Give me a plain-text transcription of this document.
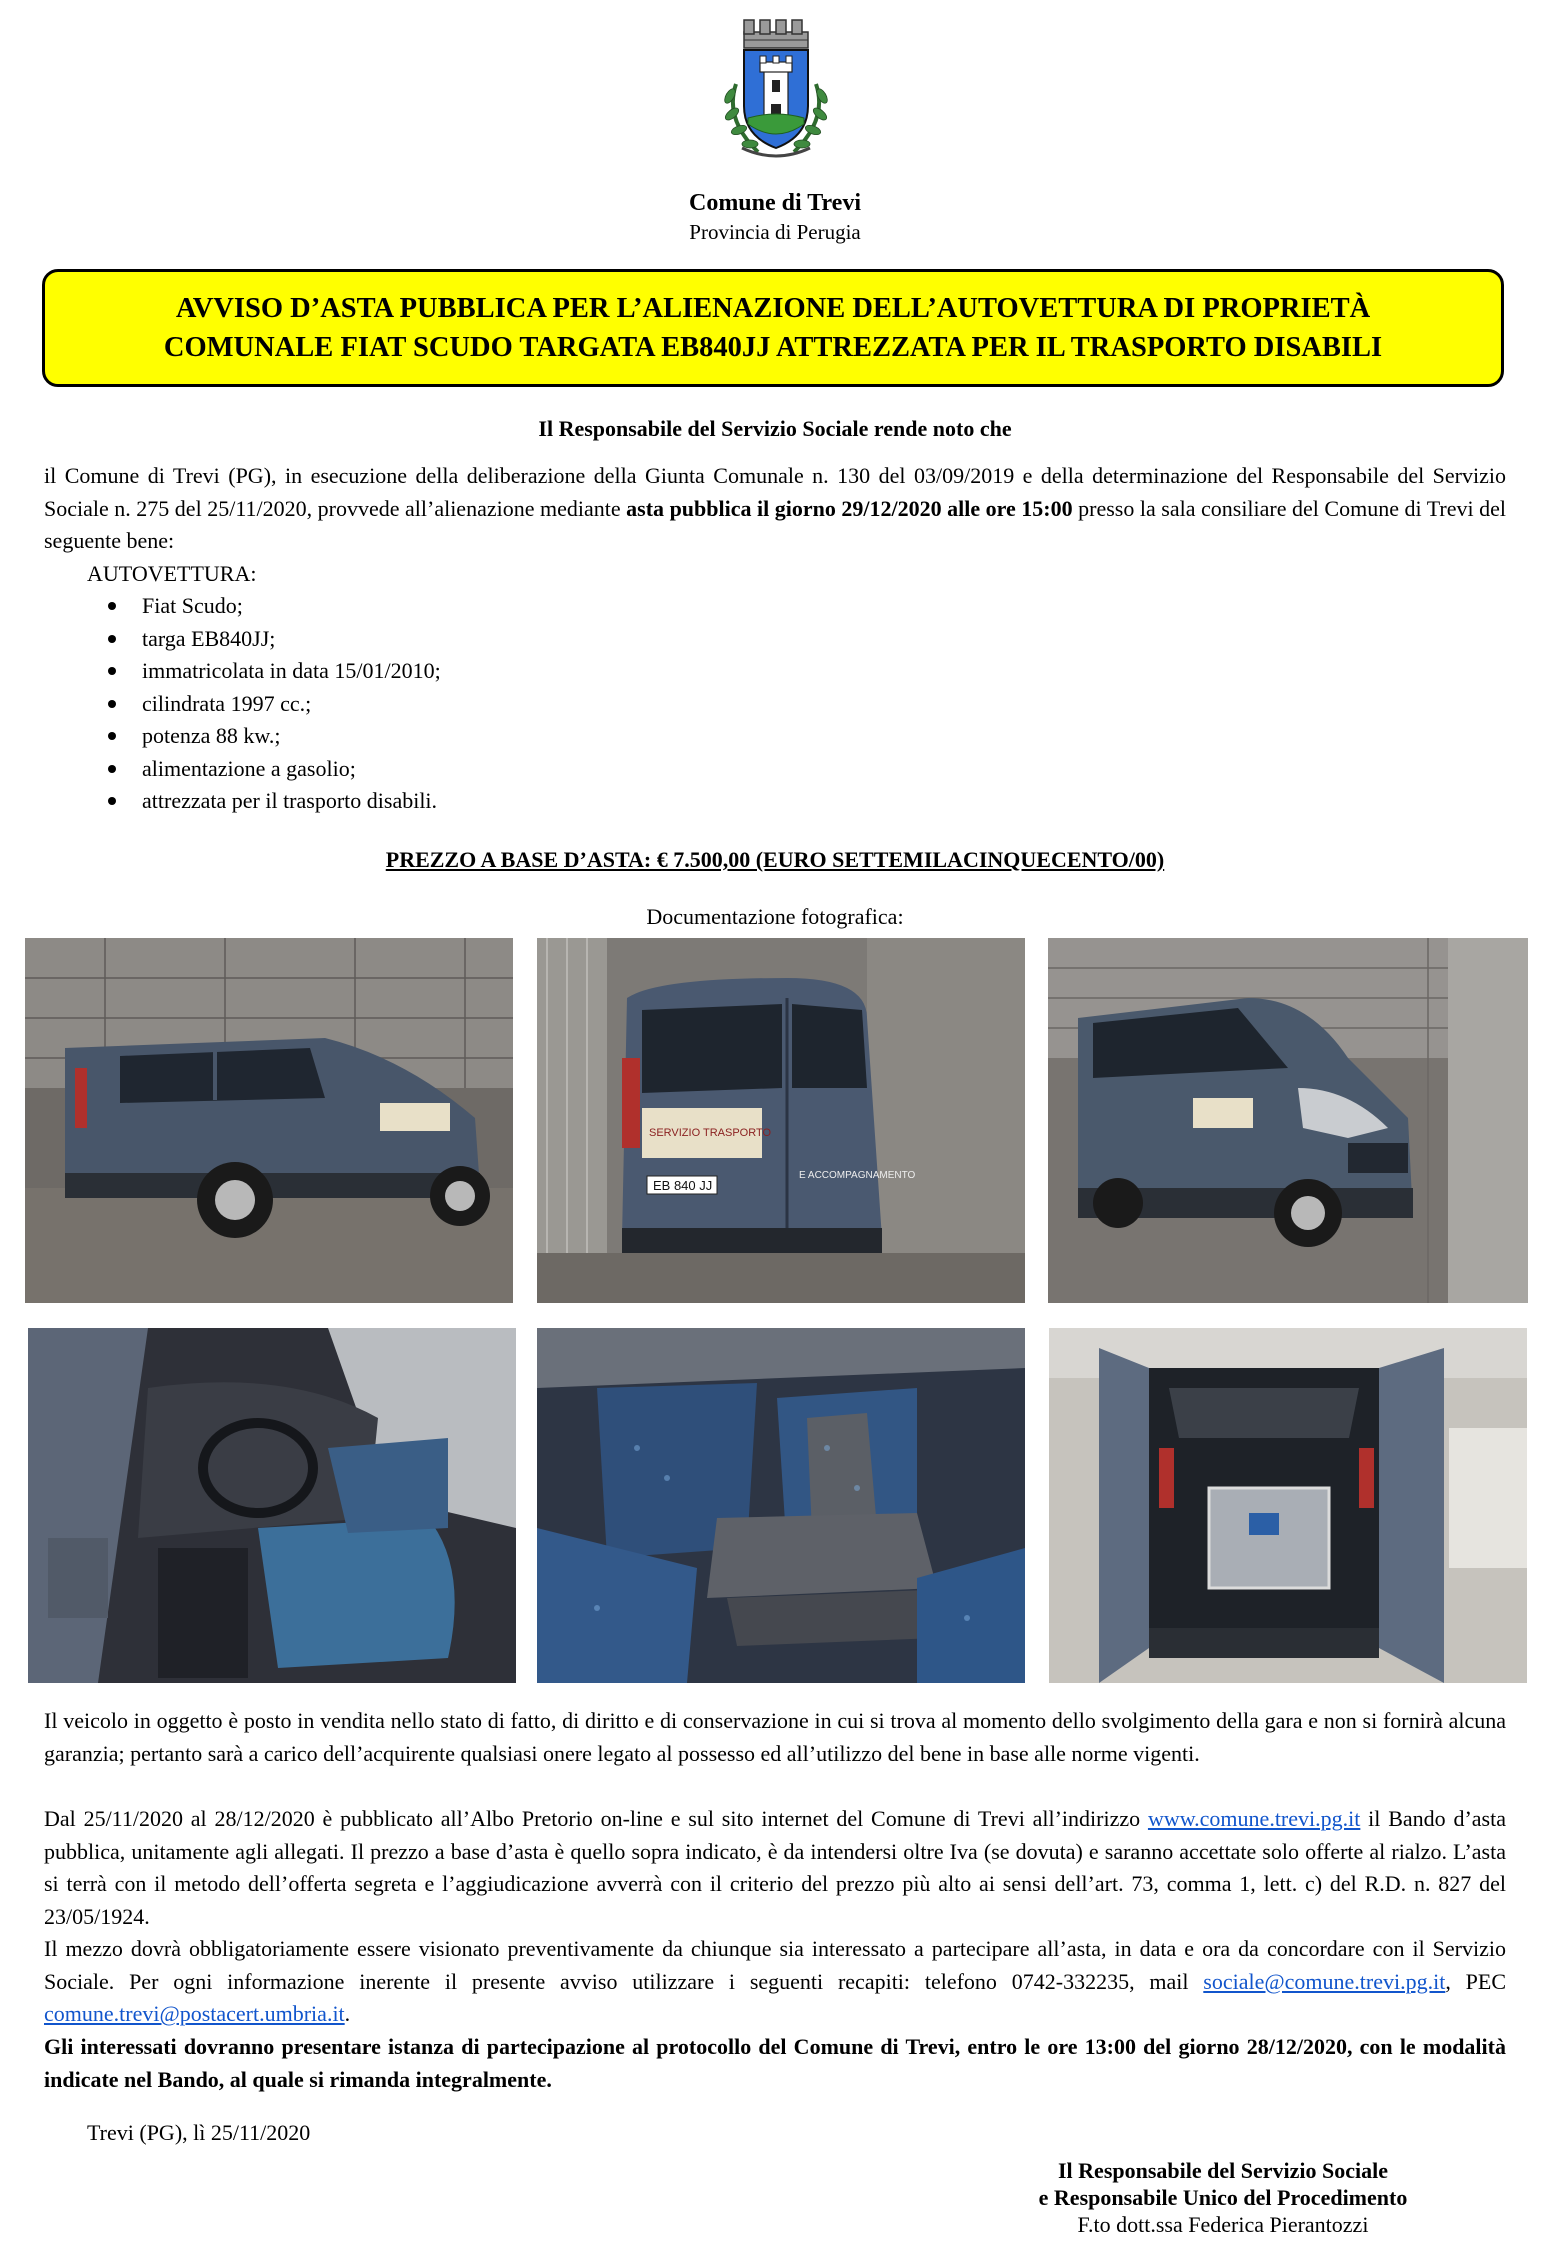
Comune di Trevi
Provincia di Perugia
AVVISO D’ASTA PUBBLICA PER L’ALIENAZIONE DELL’AUTOVETTURA DI PROPRIETÀ
COMUNALE FIAT SCUDO TARGATA EB840JJ ATTREZZATA PER IL TRASPORTO DISABILI
Il Responsabile del Servizio Sociale rende noto che

il Comune di Trevi (PG), in esecuzione della deliberazione della Giunta Comunale n. 130 del 03/09/2019 e della determinazione del Responsabile del Servizio Sociale n. 275 del 25/11/2020, provvede all’alienazione mediante asta pubblica il giorno 29/12/2020 alle ore 15:00 presso la sala consiliare del Comune di Trevi del seguente bene:

AUTOVETTURA:
Fiat Scudo;
targa EB840JJ;
immatricolata in data 15/01/2010;
cilindrata 1997 cc.;
potenza 88 kw.;
alimentazione a gasolio;
attrezzata per il trasporto disabili.
PREZZO A BASE D’ASTA: € 7.500,00 (EURO SETTEMILACINQUECENTO/00)
Documentazione fotografica:
SERVIZIO TRASPORTO
E ACCOMPAGNAMENTO
EB 840 JJ

Il veicolo in oggetto è posto in vendita nello stato di fatto, di diritto e di conservazione in cui si trova al momento dello svolgimento della gara e non si fornirà alcuna garanzia; pertanto sarà a carico dell’acquirente qualsiasi onere legato al possesso ed all’utilizzo del bene in base alle norme vigenti.

Dal 25/11/2020 al 28/12/2020 è pubblicato all’Albo Pretorio on-line e sul sito internet del Comune di Trevi all’indirizzo www.comune.trevi.pg.it il Bando d’asta pubblica, unitamente agli allegati. Il prezzo a base d’asta è quello sopra indicato, è da intendersi oltre Iva (se dovuta) e saranno accettate solo offerte al rialzo. L’asta si terrà con il metodo dell’offerta segreta e l’aggiudicazione avverrà con il criterio del prezzo più alto ai sensi dell’art. 73, comma 1, lett. c) del R.D. n. 827 del 23/05/1924.

Il mezzo dovrà obbligatoriamente essere visionato preventivamente da chiunque sia interessato a partecipare all’asta, in data e ora da concordare con il Servizio Sociale. Per ogni informazione inerente il presente avviso utilizzare i seguenti recapiti: telefono 0742-332235, mail sociale@comune.trevi.pg.it, PEC comune.trevi@postacert.umbria.it.

Gli interessati dovranno presentare istanza di partecipazione al protocollo del Comune di Trevi, entro le ore 13:00 del giorno 28/12/2020, con le modalità indicate nel Bando, al quale si rimanda integralmente.

Trevi (PG), lì 25/11/2020
Il Responsabile del Servizio Sociale
e Responsabile Unico del Procedimento
F.to dott.ssa Federica Pierantozzi
